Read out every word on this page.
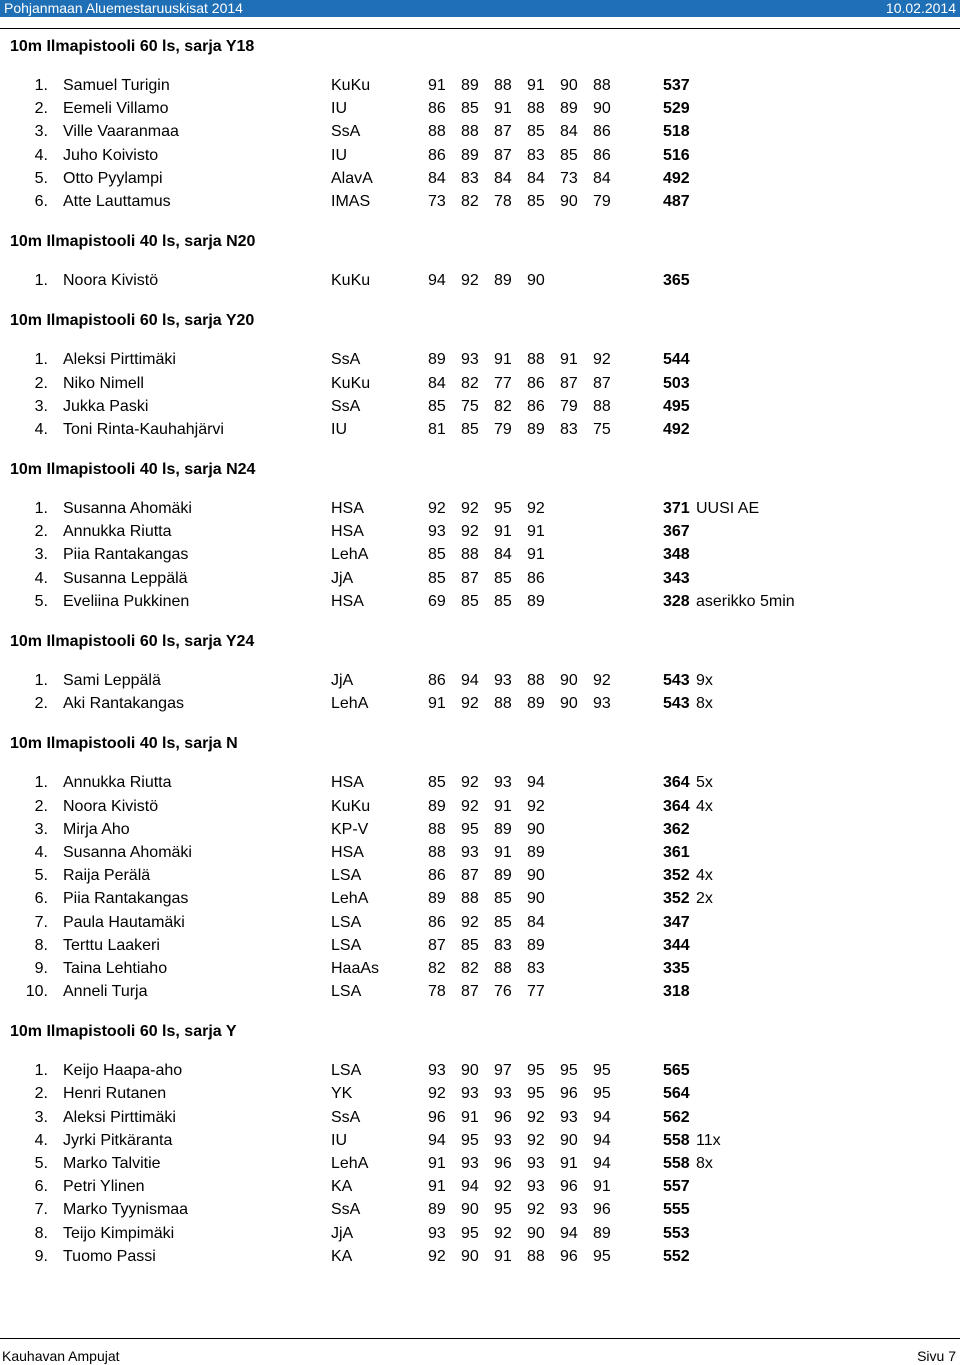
Pohjanmaan Aluemestaruuskisat 2014	10.02.2014
10m Ilmapistooli 60 ls, sarja Y18
1. Samuel Turigin	KuKu	91 89 88 91 90 88	537
2. Eemeli Villamo	IU	86 85 91 88 89 90	529
3. Ville Vaaranmaa	SsA	88 88 87 85 84 86	518
4. Juho Koivisto	IU	86 89 87 83 85 86	516
5. Otto Pyylampi	AlavA	84 83 84 84 73 84	492
6. Atte Lauttamus	IMAS	73 82 78 85 90 79	487
10m Ilmapistooli 40 ls, sarja N20
1. Noora Kivistö	KuKu	94 92 89 90	365
10m Ilmapistooli 60 ls, sarja Y20
1. Aleksi Pirttimäki	SsA	89 93 91 88 91 92	544
2. Niko Nimell	KuKu	84 82 77 86 87 87	503
3. Jukka Paski	SsA	85 75 82 86 79 88	495
4. Toni Rinta-Kauhahjärvi	IU	81 85 79 89 83 75	492
10m Ilmapistooli 40 ls, sarja N24
1. Susanna Ahomäki	HSA	92 92 95 92	371 UUSI AE
2. Annukka Riutta	HSA	93 92 91 91	367
3. Piia Rantakangas	LehA	85 88 84 91	348
4. Susanna Leppälä	JjA	85 87 85 86	343
5. Eveliina Pukkinen	HSA	69 85 85 89	328 aserikko 5min
10m Ilmapistooli 60 ls, sarja Y24
1. Sami Leppälä	JjA	86 94 93 88 90 92	543 9x
2. Aki Rantakangas	LehA	91 92 88 89 90 93	543 8x
10m Ilmapistooli 40 ls, sarja N
1. Annukka Riutta	HSA	85 92 93 94	364 5x
2. Noora Kivistö	KuKu	89 92 91 92	364 4x
3. Mirja Aho	KP-V	88 95 89 90	362
4. Susanna Ahomäki	HSA	88 93 91 89	361
5. Raija Perälä	LSA	86 87 89 90	352 4x
6. Piia Rantakangas	LehA	89 88 85 90	352 2x
7. Paula Hautamäki	LSA	86 92 85 84	347
8. Terttu Laakeri	LSA	87 85 83 89	344
9. Taina Lehtiaho	HaaAs	82 82 88 83	335
10. Anneli Turja	LSA	78 87 76 77	318
10m Ilmapistooli 60 ls, sarja Y
1. Keijo Haapa-aho	LSA	93 90 97 95 95 95	565
2. Henri Rutanen	YK	92 93 93 95 96 95	564
3. Aleksi Pirttimäki	SsA	96 91 96 92 93 94	562
4. Jyrki Pitkäranta	IU	94 95 93 92 90 94	558 11x
5. Marko Talvitie	LehA	91 93 96 93 91 94	558 8x
6. Petri Ylinen	KA	91 94 92 93 96 91	557
7. Marko Tyynismaa	SsA	89 90 95 92 93 96	555
8. Teijo Kimpimäki	JjA	93 95 92 90 94 89	553
9. Tuomo Passi	KA	92 90 91 88 96 95	552
Kauhavan Ampujat	Sivu 7
